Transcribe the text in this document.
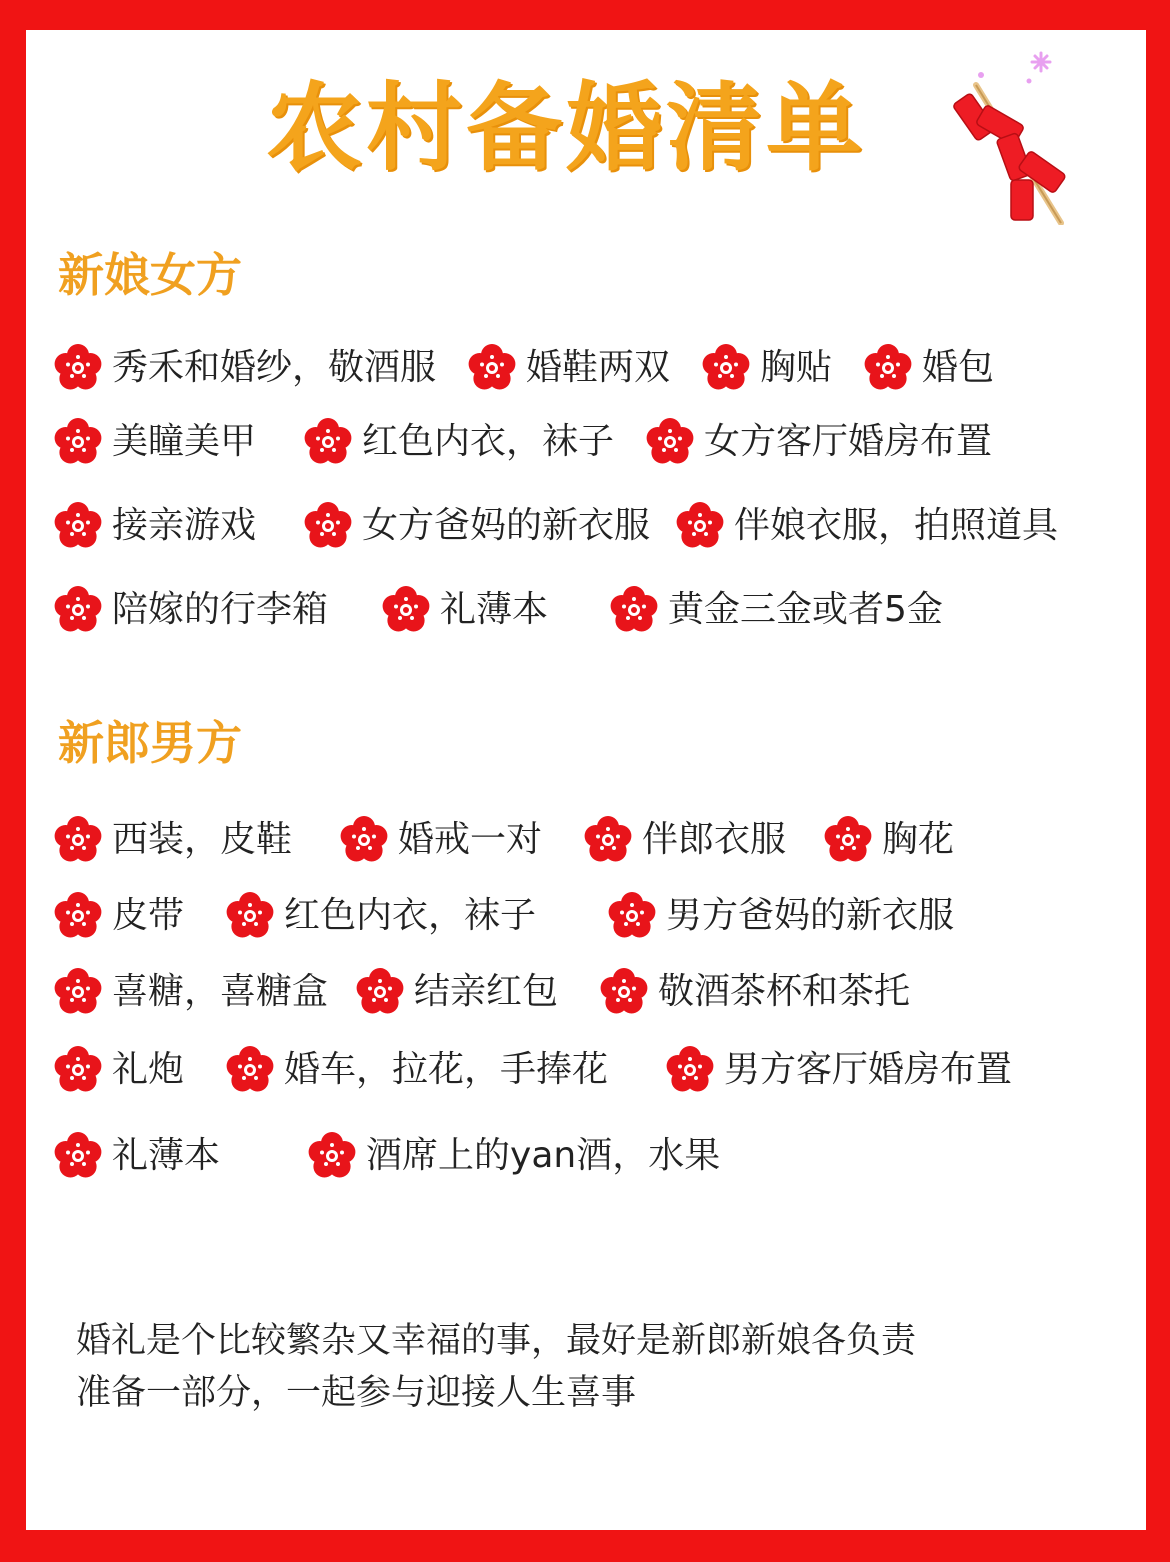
农村备婚清单
新娘女方
秀禾和婚纱，敬酒服	婚鞋两双	胸贴	婚包
美瞳美甲	红色内衣，袜子	女方客厅婚房布置
接亲游戏	女方爸妈的新衣服 伴娘衣服，拍照道具
陪嫁的行李箱	礼薄本	黄金三金或者5金
新郎男方
西装，皮鞋	婚戒一对	伴郎衣服	胸花
皮带	红色内衣，袜子	男方爸妈的新衣服
喜糖，喜糖盒 结亲红包	敬酒茶杯和茶托
礼炮	婚车，拉花，手捧花	男方客厅婚房布置
礼薄本	酒席上的yan酒，水果
婚礼是个比较繁杂又幸福的事，最好是新郎新娘各负责
准备一部分，一起参与迎接人生喜事
